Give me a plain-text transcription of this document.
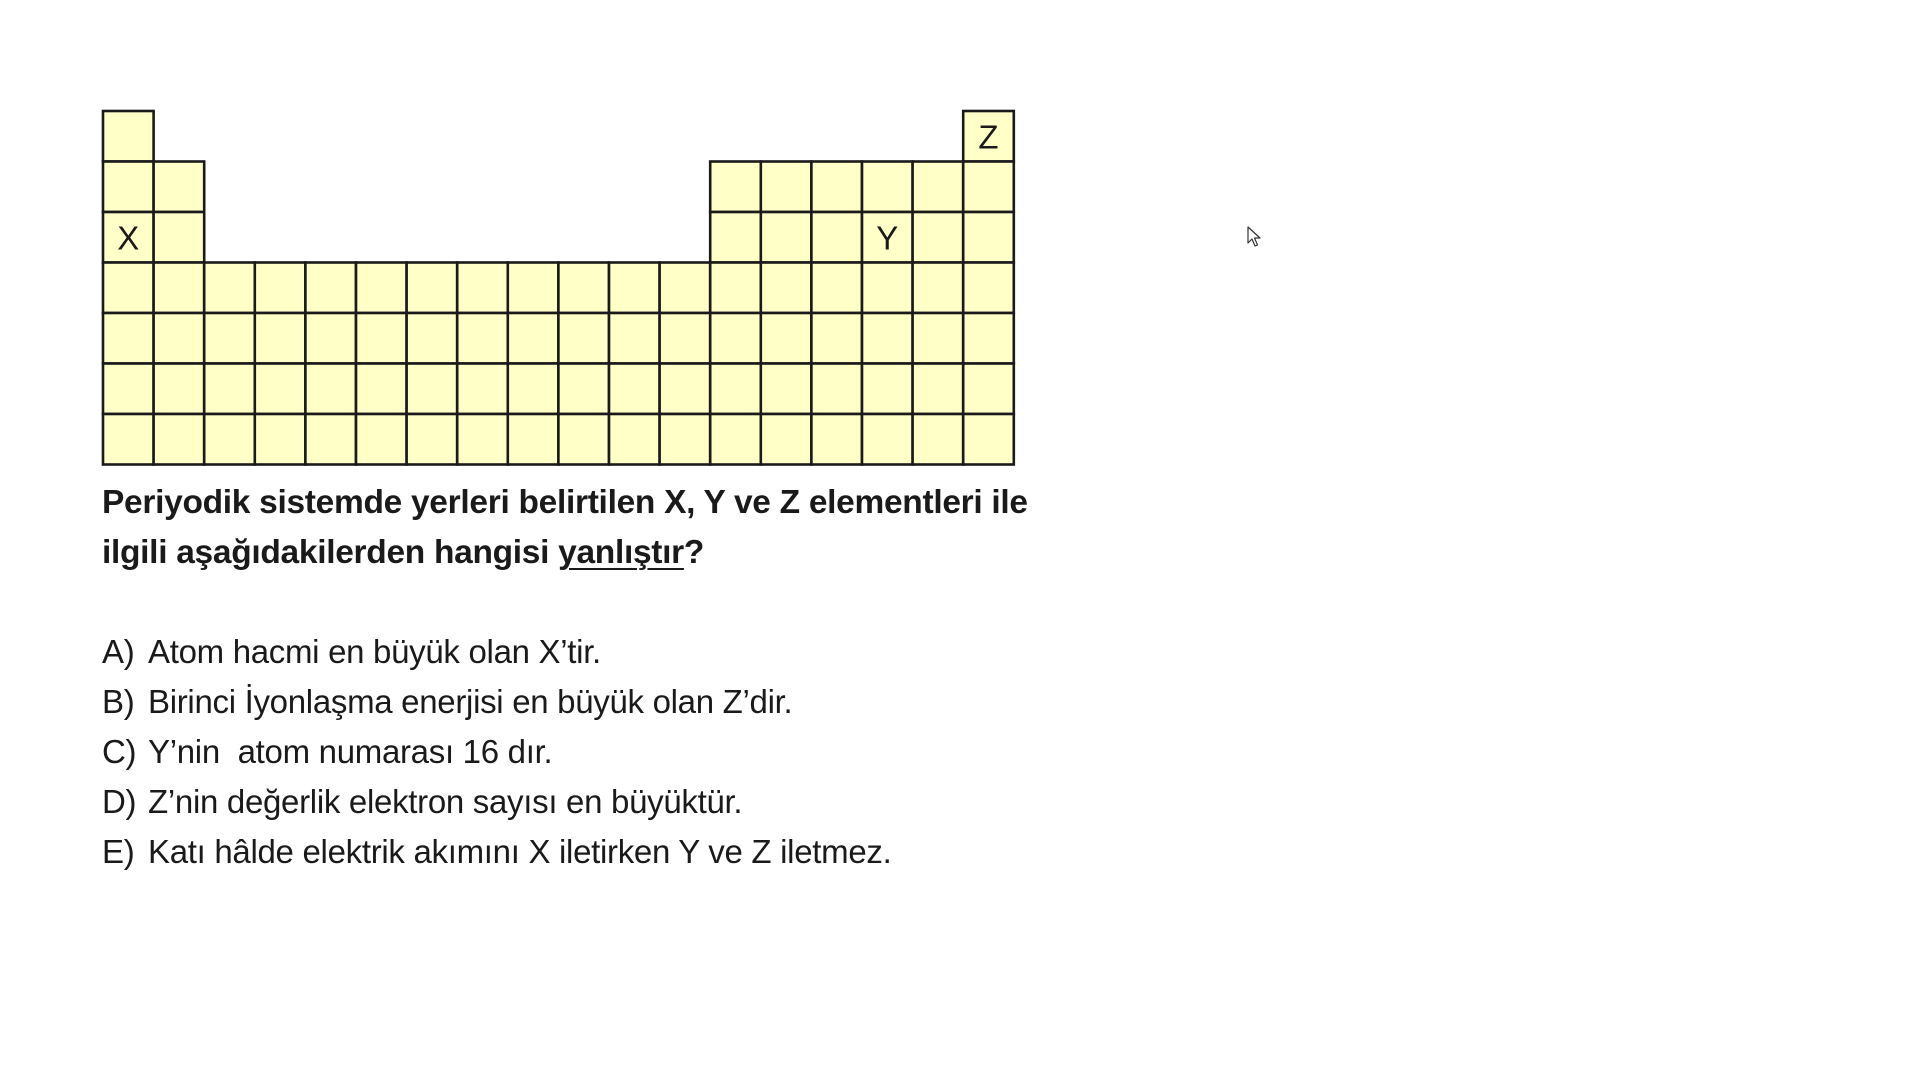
Z
X	Y

Periyodik sistemde yerleri belirtilen X, Y ve Z elementleri ile ilgili aşağıdakilerden hangisi yanlıştır?

A) Atom hacmi en büyük olan X’tir.
B) Birinci İyonlaşma enerjisi en büyük olan Z’dir.
C) Y’nin  atom numarası 16 dır.
D) Z’nin değerlik elektron sayısı en büyüktür.
E) Katı hâlde elektrik akımını X iletirken Y ve Z iletmez.
